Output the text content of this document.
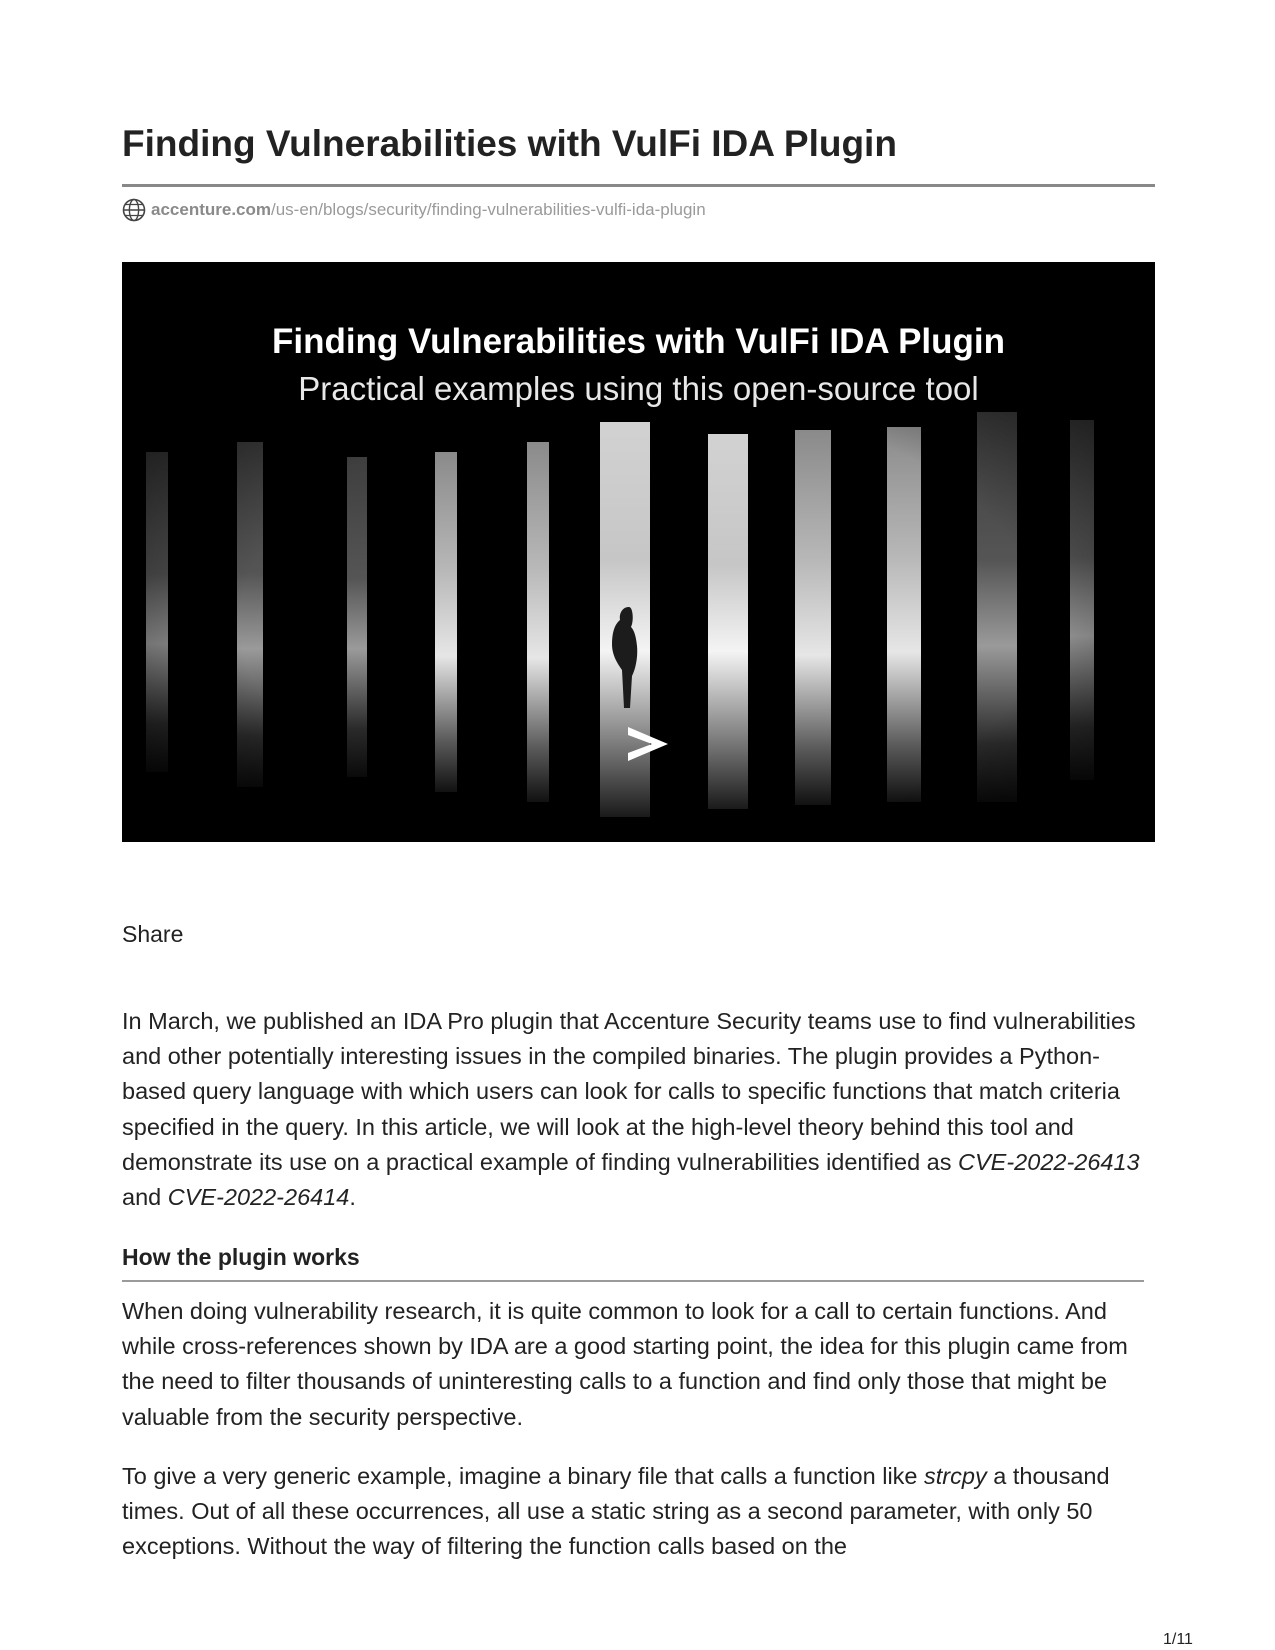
Finding Vulnerabilities with VulFi IDA Plugin
accenture.com /us-en/blogs/security/finding-vulnerabilities-vulfi-ida-plugin
Finding Vulnerabilities with VulFi IDA Plugin
Practical examples using this open-source tool
Share

In March, we published an IDA Pro plugin that Accenture Security teams use to find vulnerabilities and other potentially interesting issues in the compiled binaries. The plugin provides a Python-based query language with which users can look for calls to specific functions that match criteria specified in the query. In this article, we will look at the high-level theory behind this tool and demonstrate its use on a practical example of finding vulnerabilities identified as CVE-2022-26413 and CVE-2022-26414.

How the plugin works

When doing vulnerability research, it is quite common to look for a call to certain functions. And while cross-references shown by IDA are a good starting point, the idea for this plugin came from the need to filter thousands of uninteresting calls to a function and find only those that might be valuable from the security perspective.

To give a very generic example, imagine a binary file that calls a function like strcpy a thousand times. Out of all these occurrences, all use a static string as a second parameter, with only 50 exceptions. Without the way of filtering the function calls based on the

1/11
